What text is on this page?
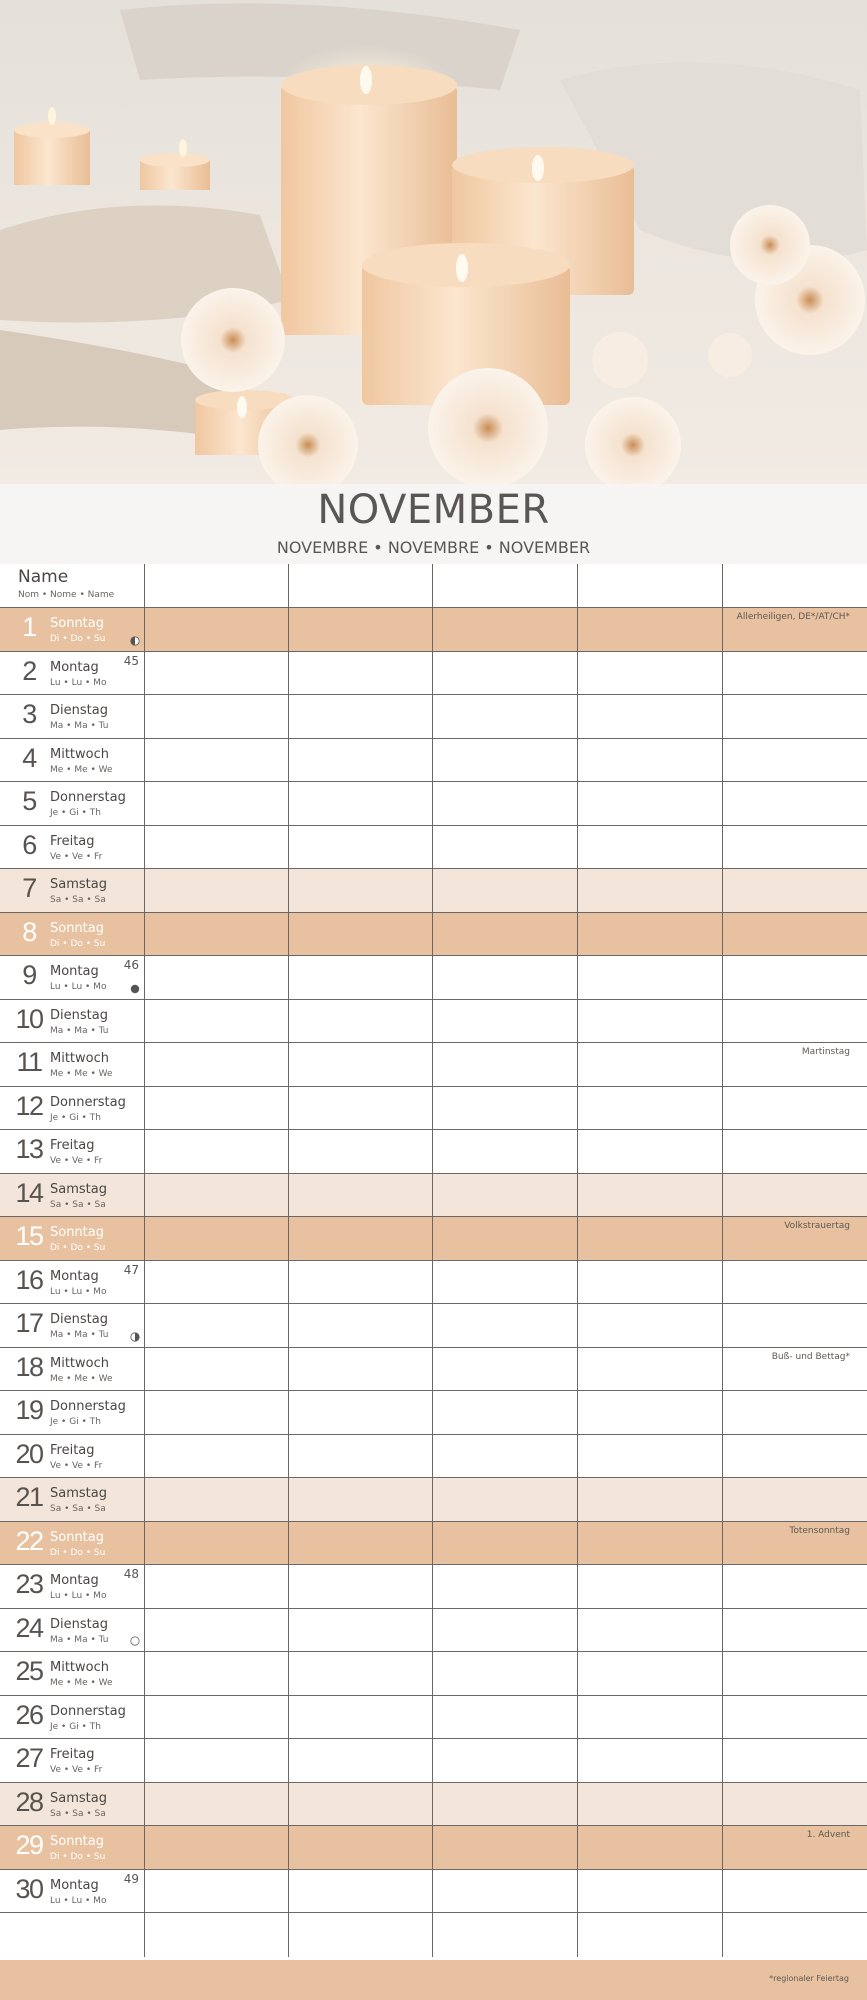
NOVEMBER
NOVEMBRE • NOVEMBRE • NOVEMBER
Name
Nom • Nome • Name
1	Sonntag
Di • Do • Su
Allerheiligen, DE*/AT/CH*
2	Montag
Lu • Lu • Mo
45
3	Dienstag
Ma • Ma • Tu
4	Mittwoch
Me • Me • We
5	Donnerstag
Je • Gi • Th
6	Freitag
Ve • Ve • Fr
7	Samstag
Sa • Sa • Sa
8	Sonntag
Di • Do • Su
9	Montag
Lu • Lu • Mo
46
10 Dienstag
Ma • Ma • Tu
11 Mittwoch
Me • Me • We
Martinstag
12 Donnerstag
Je • Gi • Th
13 Freitag
Ve • Ve • Fr
14 Samstag
Sa • Sa • Sa
15 Sonntag
Di • Do • Su
Volkstrauertag
16 Montag
Lu • Lu • Mo
47
17 Dienstag
Ma • Ma • Tu
18 Mittwoch
Me • Me • We
Buß- und Bettag*
19 Donnerstag
Je • Gi • Th
20 Freitag
Ve • Ve • Fr
21 Samstag
Sa • Sa • Sa
22 Sonntag
Di • Do • Su
Totensonntag
23 Montag
Lu • Lu • Mo
48
24 Dienstag
Ma • Ma • Tu
25 Mittwoch
Me • Me • We
26 Donnerstag
Je • Gi • Th
27 Freitag
Ve • Ve • Fr
28 Samstag
Sa • Sa • Sa
29 Sonntag
Di • Do • Su
1. Advent
30 Montag
Lu • Lu • Mo
49
*regionaler Feiertag
